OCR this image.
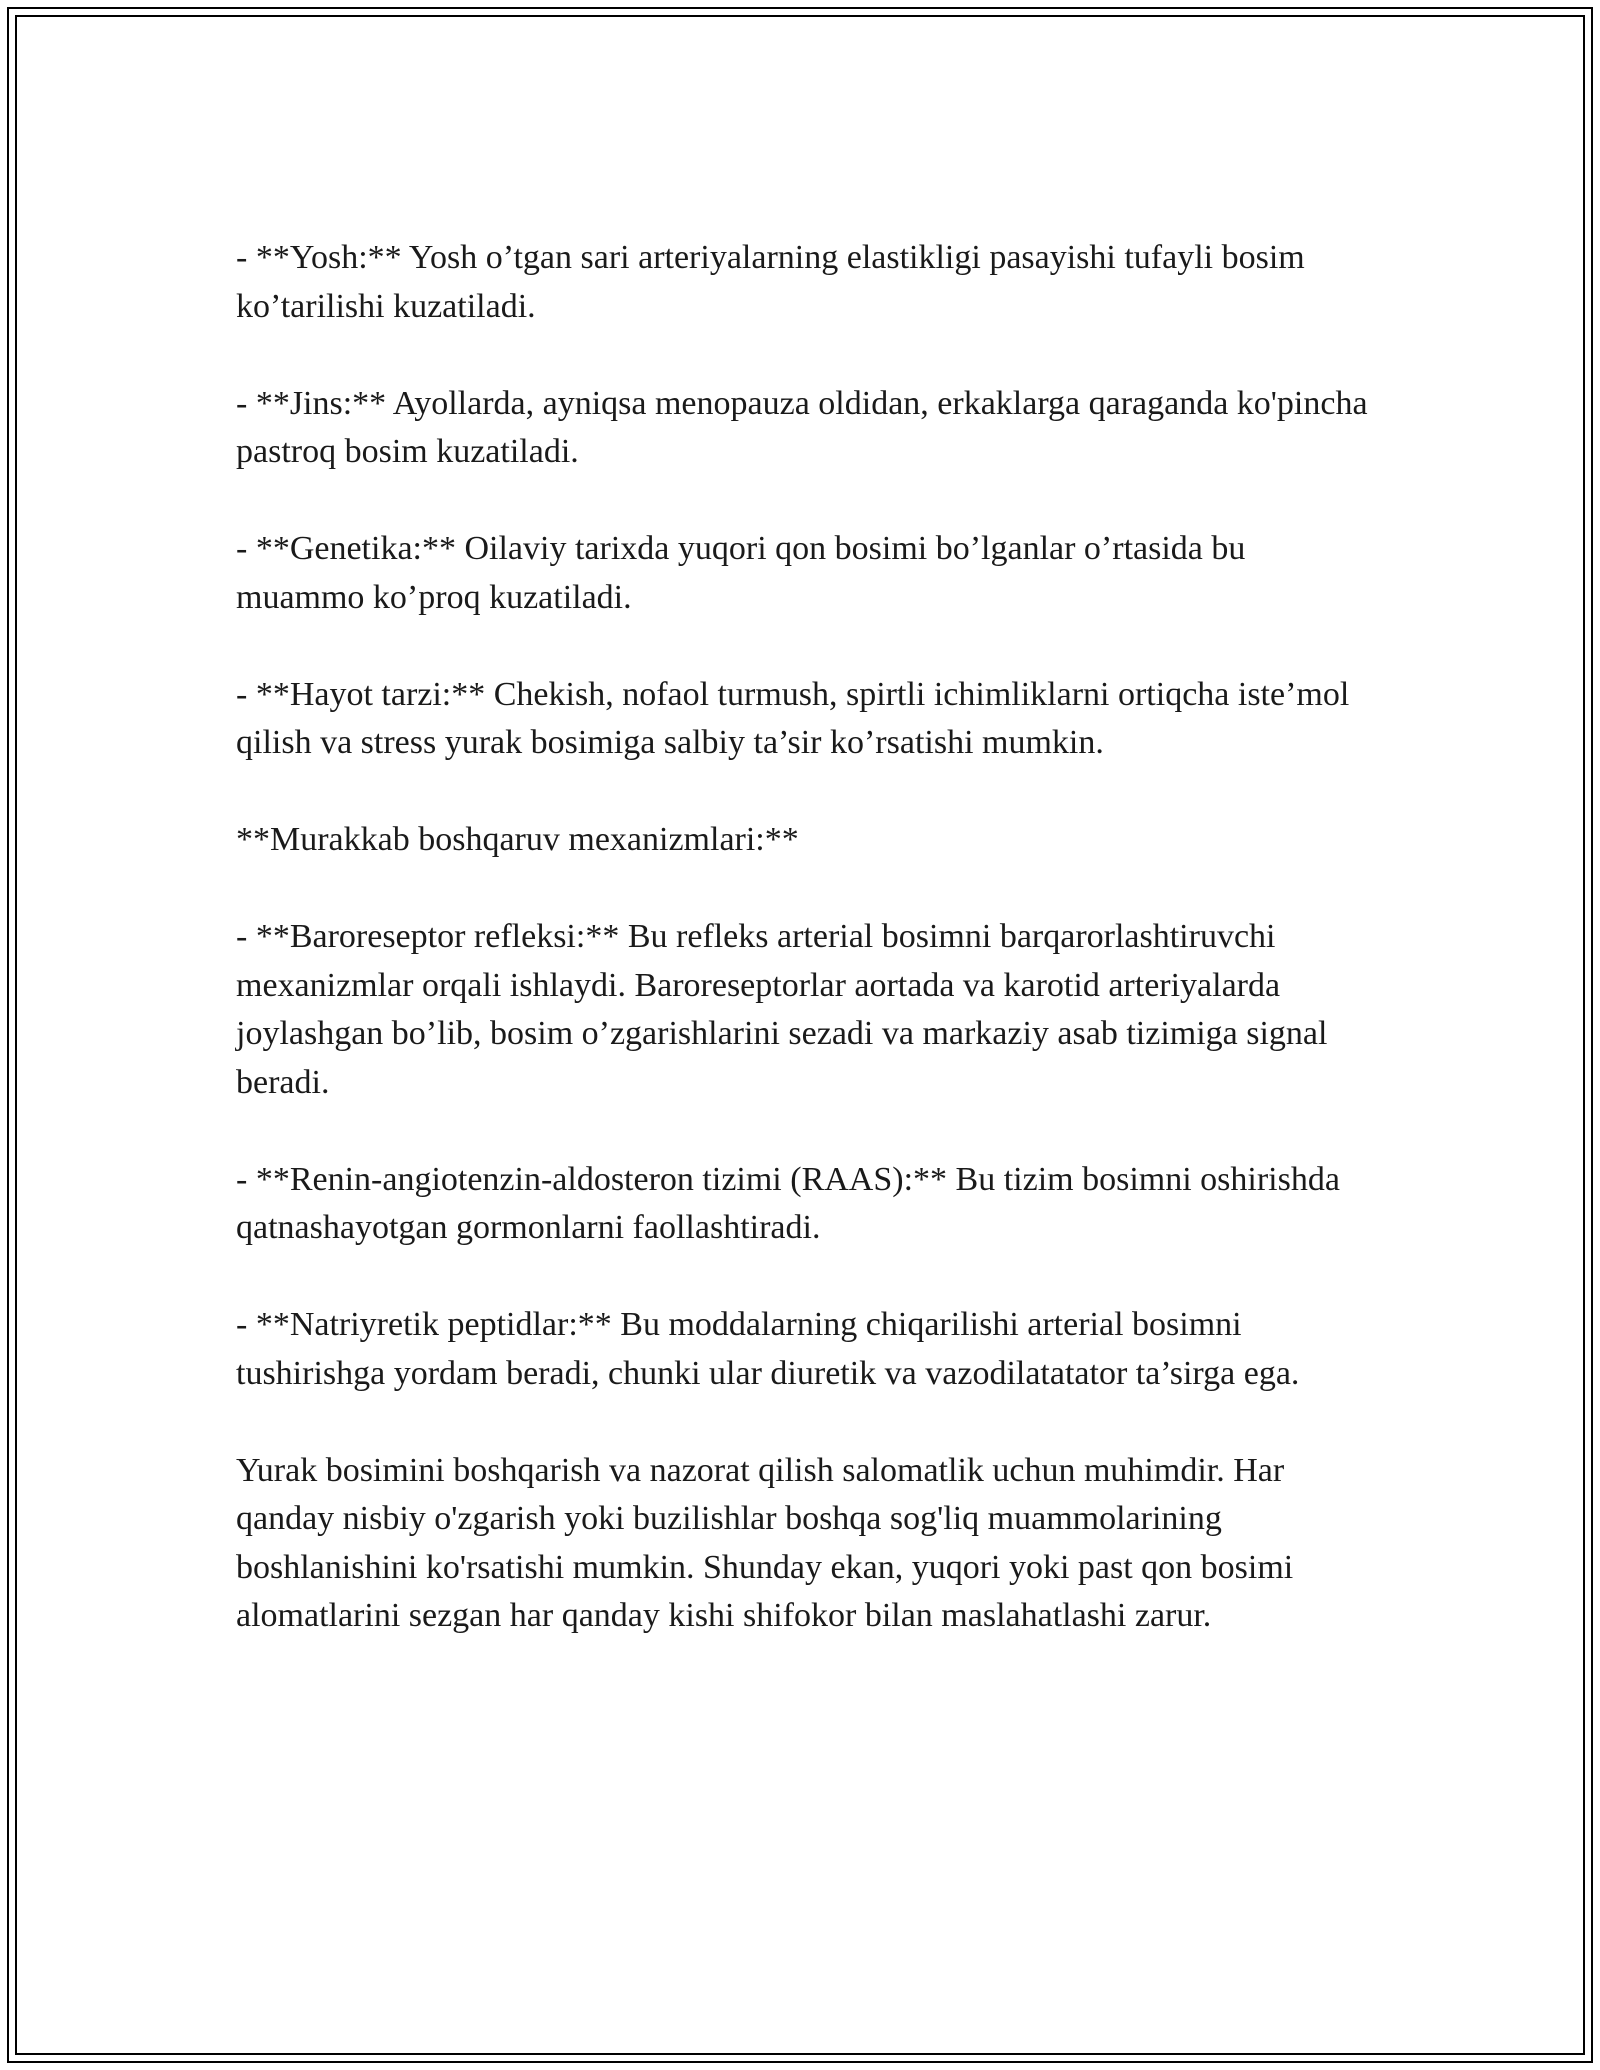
- **Yosh:** Yosh o’tgan sari arteriyalarning elastikligi pasayishi tufayli bosim ko’tarilishi kuzatiladi.

- **Jins:** Ayollarda, ayniqsa menopauza oldidan, erkaklarga qaraganda ko'pincha pastroq bosim kuzatiladi.

- **Genetika:** Oilaviy tarixda yuqori qon bosimi bo’lganlar o’rtasida bu muammo ko’proq kuzatiladi.

- **Hayot tarzi:** Chekish, nofaol turmush, spirtli ichimliklarni ortiqcha iste’mol qilish va stress yurak bosimiga salbiy ta’sir ko’rsatishi mumkin.

**Murakkab boshqaruv mexanizmlari:**

- **Baroreseptor refleksi:** Bu refleks arterial bosimni barqarorlashtiruvchi mexanizmlar orqali ishlaydi. Baroreseptorlar aortada va karotid arteriyalarda joylashgan bo’lib, bosim o’zgarishlarini sezadi va markaziy asab tizimiga signal beradi.

- **Renin-angiotenzin-aldosteron tizimi (RAAS):** Bu tizim bosimni oshirishda qatnashayotgan gormonlarni faollashtiradi.

- **Natriyretik peptidlar:** Bu moddalarning chiqarilishi arterial bosimni tushirishga yordam beradi, chunki ular diuretik va vazodilatatator ta’sirga ega.

Yurak bosimini boshqarish va nazorat qilish salomatlik uchun muhimdir. Har qanday nisbiy o'zgarish yoki buzilishlar boshqa sog'liq muammolarining boshlanishini ko'rsatishi mumkin. Shunday ekan, yuqori yoki past qon bosimi alomatlarini sezgan har qanday kishi shifokor bilan maslahatlashi zarur.
